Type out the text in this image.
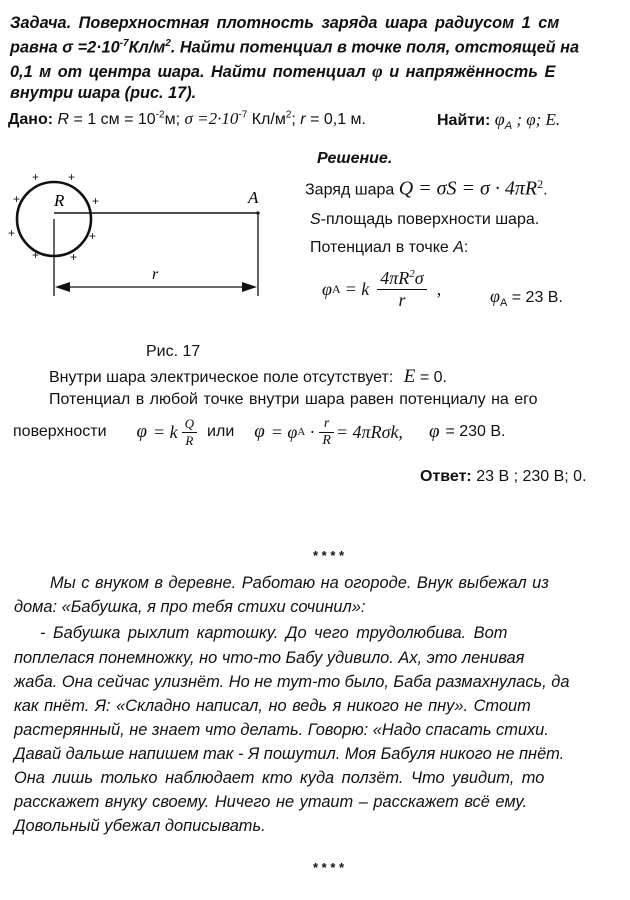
Задача. Поверхностная плотность заряда шара радиусом 1 см
равна $\sigma =2\cdot 10^{-7}Кл/м^2$. Найти потенциал в точке поля, отстоящей на
0,1 м от центра шара. Найти потенциал φ и напряжённость E
внутри шара (рис. 17).
Дано: R = 1 см = $10^{-2}м$; $\sigma =2\cdot 10^{-7}$ $Кл/м^2$; r = 0,1 м.	Найти: $\varphi_A$ ; φ; E.
Решение.
R	A
r
+ +
+	+
+	+
+	+
Заряд шара $Q = \sigma S = \sigma \cdot 4\pi R^2$.
S-площадь поверхности шара.
Потенциал в точке A:
φ A = k $\frac{4\pi R^2\sigma}{r}$ ,	$\varphi_A = 23$ В.
Рис. 17
Внутри шара электрическое поле отсутствует: E = 0.
Потенциал в любой точке внутри шара равен потенциалу на его
поверхности φ = k $\frac{Q}{R}$ или φ = φ $A \cdot \frac{r}{R} = 4\pi R\sigma k$, φ = 230 В.
Ответ: 23 В ; 230 В; 0.
* * * *
Мы с внуком в деревне. Работаю на огороде. Внук выбежал из
дома: «Бабушка, я про тебя стихи сочинил»:
- Бабушка рыхлит картошку. До чего трудолюбива. Вот
поплелася понемножку, но что-то Бабу удивило. Ах, это ленивая
жаба. Она сейчас улизнёт. Но не тут-то было, Баба размахнулась, да
как пнёт. Я: «Складно написал, но ведь я никого не пну». Стоит
растерянный, не знает что делать. Говорю: «Надо спасать стихи.
Давай дальше напишем так - Я пошутил. Моя Бабуля никого не пнёт.
Она лишь только наблюдает кто куда ползёт. Что увидит, то
расскажет внуку своему. Ничего не утаит – расскажет всё ему.
Довольный убежал дописывать.
* * * *
